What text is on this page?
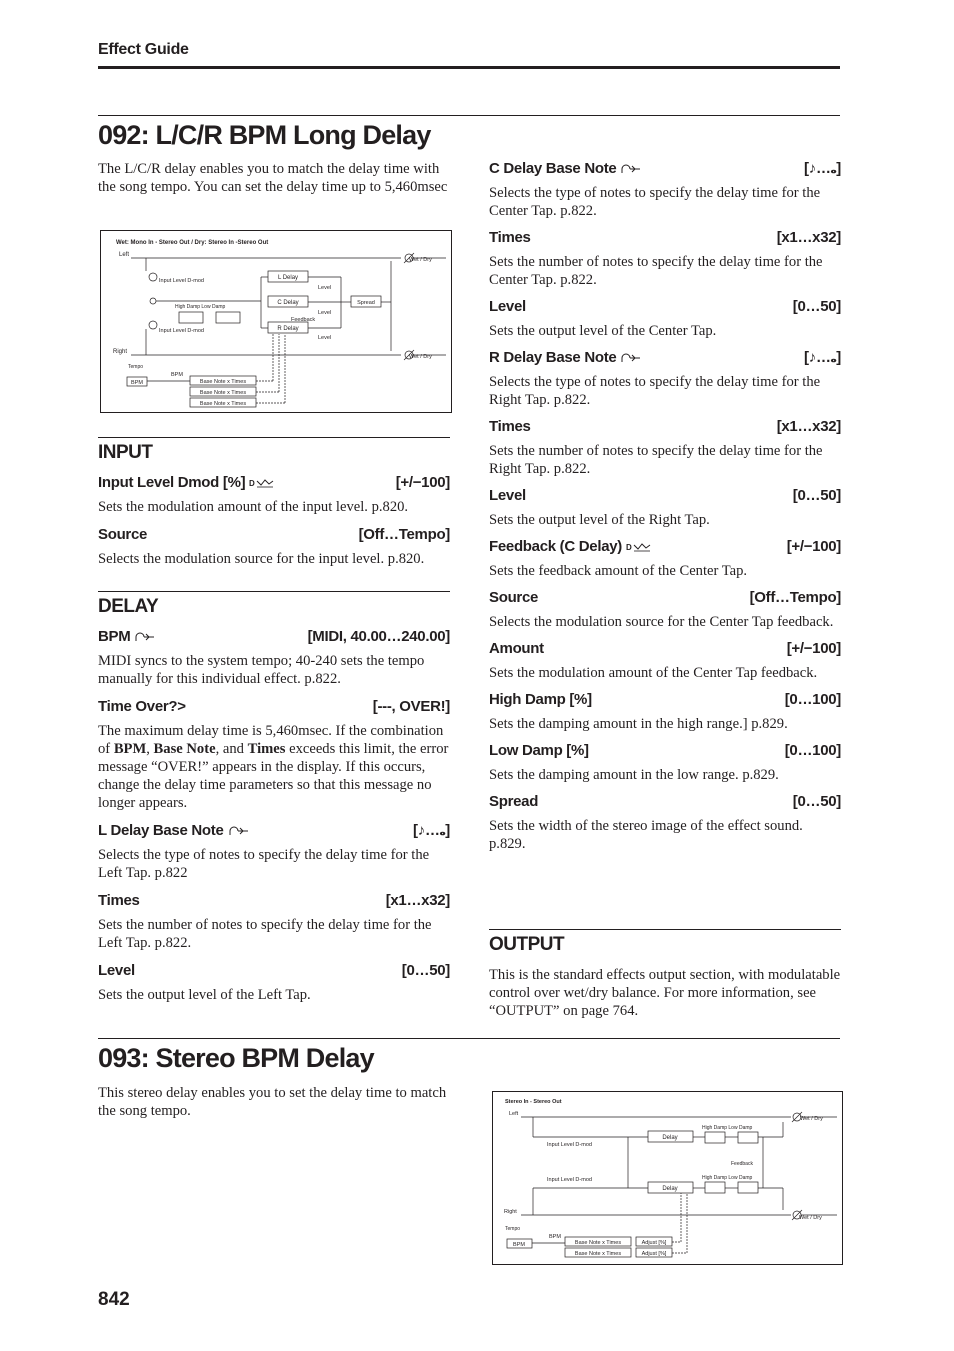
Effect Guide
092: L/C/R BPM Long Delay

The L/C/R delay enables you to match the delay time with the song tempo. You can set the delay time up to 5,460msec

Wet: Mono In - Stereo Out / Dry: Stereo In -Stereo Out
Left
Right
Wet / Dry
Wet / Dry
Input Level D-mod
Input Level D-mod
High Damp Low Damp
L Delay
C Delay
R Delay
Level
Level
Level
Feedback
Spread
Tempo
BPM
BPM
Base Note x Times
Base Note x Times
Base Note x Times
INPUT

Input Level Dmod [%] D	[+/−100]

Sets the modulation amount of the input level. p.820.

Source	[Off…Tempo]

Selects the modulation source for the input level. p.820.

DELAY

BPM	[MIDI, 40.00…240.00]

MIDI syncs to the system tempo; 40-240 sets the tempo manually for this individual effect. p.822.

Time Over?>	[---, OVER!]

The maximum delay time is 5,460msec. If the combination of BPM, Base Note, and Times exceeds this limit, the error message “OVER!” appears in the display. If this occurs, change the delay time parameters so that this message no longer appears.

L Delay Base Note	[♪…𝅝]

Selects the type of notes to specify the delay time for the Left Tap. p.822

Times	[x1…x32]

Sets the number of notes to specify the delay time for the Left Tap. p.822.

Level	[0…50]

Sets the output level of the Left Tap.

C Delay Base Note	[♪…𝅝]

Selects the type of notes to specify the delay time for the Center Tap. p.822.

Times	[x1…x32]

Sets the number of notes to specify the delay time for the Center Tap. p.822.

Level	[0…50]

Sets the output level of the Center Tap.

R Delay Base Note	[♪…𝅝]

Selects the type of notes to specify the delay time for the Right Tap. p.822.

Times	[x1…x32]

Sets the number of notes to specify the delay time for the Right Tap. p.822.

Level	[0…50]

Sets the output level of the Right Tap.

Feedback (C Delay) D	[+/−100]

Sets the feedback amount of the Center Tap.

Source	[Off…Tempo]

Selects the modulation source for the Center Tap feedback.

Amount	[+/−100]

Sets the modulation amount of the Center Tap feedback.

High Damp [%]	[0…100]

Sets the damping amount in the high range.] p.829.

Low Damp [%]	[0…100]

Sets the damping amount in the low range. p.829.

Spread	[0…50]

Sets the width of the stereo image of the effect sound. p.829.

OUTPUT

This is the standard effects output section, with modulatable control over wet/dry balance. For more information, see “OUTPUT” on page 764.

093: Stereo BPM Delay

This stereo delay enables you to set the delay time to match the song tempo.

Stereo In - Stereo Out
Left
Right
Wet / Dry
Wet / Dry
Input Level D-mod
Delay
High Damp Low Damp
Feedback
Input Level D-mod
Delay
High Damp Low Damp
Tempo
BPM
BPM
Base Note x Times
Base Note x Times
Adjust [%]
Adjust [%]
842
